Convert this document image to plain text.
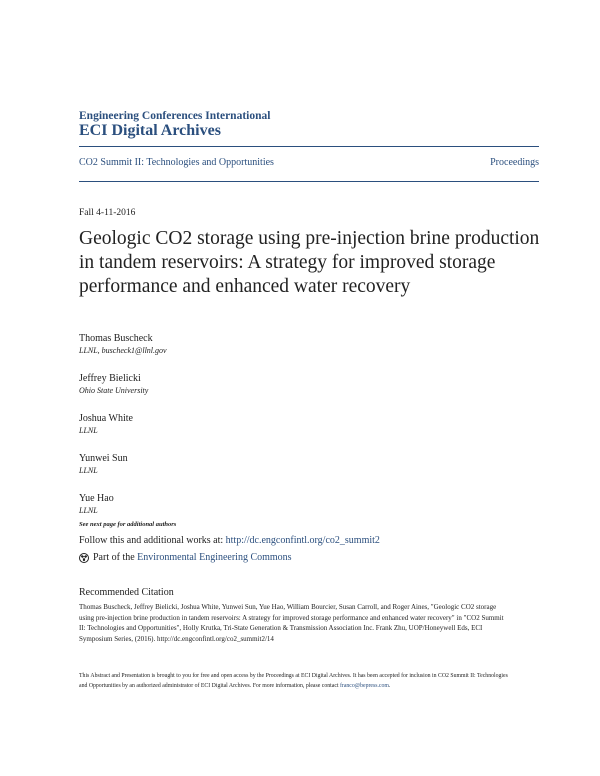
Engineering Conferences International
ECI Digital Archives
CO2 Summit II: Technologies and Opportunities	Proceedings
Fall 4-11-2016
Geologic CO2 storage using pre-injection brine production in tandem reservoirs: A strategy for improved storage performance and enhanced water recovery
Thomas Buscheck
LLNL, buscheck1@llnl.gov
Jeffrey Bielicki
Ohio State University
Joshua White
LLNL
Yunwei Sun
LLNL
Yue Hao
LLNL
See next page for additional authors
Follow this and additional works at: http://dc.engconfintl.org/co2_summit2
Part of the Environmental Engineering Commons
Recommended Citation

Thomas Buscheck, Jeffrey Bielicki, Joshua White, Yunwei Sun, Yue Hao, William Bourcier, Susan Carroll, and Roger Aines, "Geologic CO2 storage using pre-injection brine production in tandem reservoirs: A strategy for improved storage performance and enhanced water recovery" in "CO2 Summit II: Technologies and Opportunities", Holly Krutka, Tri-State Generation & Transmission Association Inc. Frank Zhu, UOP/Honeywell Eds, ECI Symposium Series, (2016). http://dc.engconfintl.org/co2_summit2/14

This Abstract and Presentation is brought to you for free and open access by the Proceedings at ECI Digital Archives. It has been accepted for inclusion in CO2 Summit II: Technologies and Opportunities by an authorized administrator of ECI Digital Archives. For more information, please contact franco@bepress.com.
